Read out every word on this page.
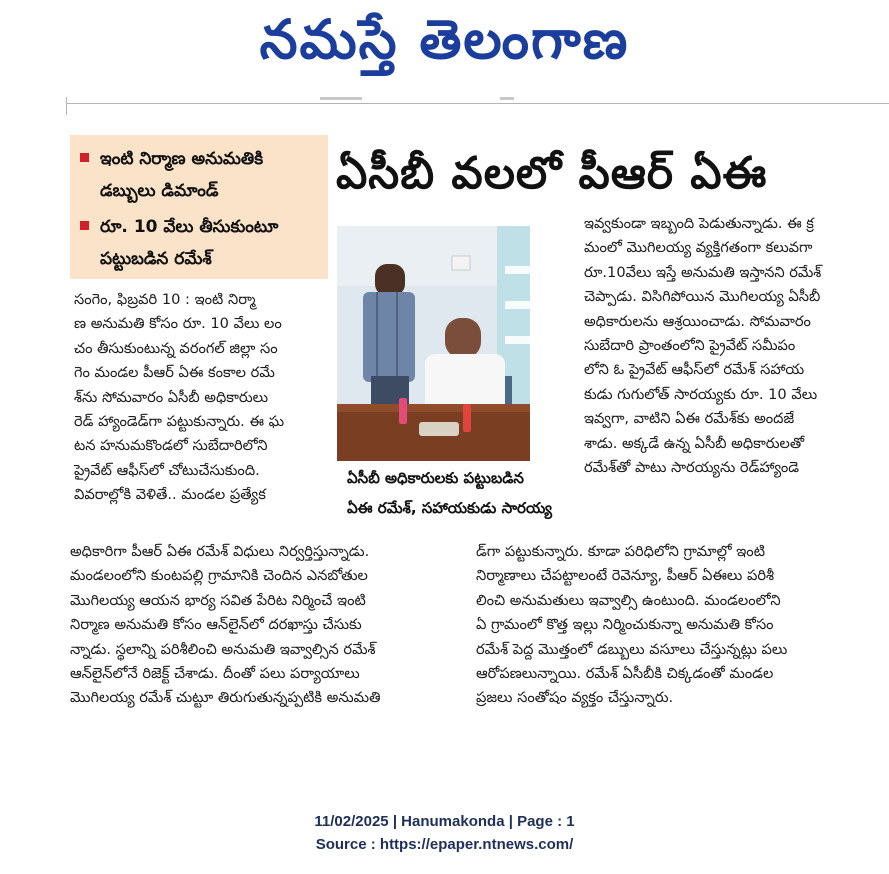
నమస్తే తెలంగాణ
ఇంటి నిర్మాణ అనుమతికి
డబ్బులు డిమాండ్
రూ. 10 వేలు తీసుకుంటూ
పట్టుబడిన రమేశ్
ఏసీబీ వలలో పీఆర్ ఏఈ
ఏసీబీ అధికారులకు పట్టుబడిన
ఏఈ రమేశ్, సహాయకుడు సారయ్య

సంగెం, ఫిబ్రవరి 10 : ఇంటి నిర్మా

ణ అనుమతి కోసం రూ. 10 వేలు లం

చం తీసుకుంటున్న వరంగల్ జిల్లా సం

గెం మండల పీఆర్ ఏఈ కంకాల రమే

శ్‌ను సోమవారం ఏసీబీ అధికారులు

రెడ్ హ్యాండెడ్‌గా పట్టుకున్నారు. ఈ ఘ

టన హనుమకొండలో సుబేదారిలోని

ప్రైవేట్ ఆఫీస్‌లో చోటుచేసుకుంది.

వివరాల్లోకి వెళితే.. మండల ప్రత్యేక

అధికారిగా పీఆర్ ఏఈ రమేశ్ విధులు నిర్వర్తిస్తున్నాడు.

మండలంలోని కుంటపల్లి గ్రామానికి చెందిన ఎనబోతుల

మొగిలయ్య ఆయన భార్య సవిత పేరిట నిర్మించే ఇంటి

నిర్మాణ అనుమతి కోసం ఆన్‌లైన్‌లో దరఖాస్తు చేసుకు

న్నాడు. స్థలాన్ని పరిశీలించి అనుమతి ఇవ్వాల్సిన రమేశ్

ఆన్‌లైన్‌లోనే రిజెక్ట్ చేశాడు. దీంతో పలు పర్యాయాలు

మొగిలయ్య రమేశ్ చుట్టూ తిరుగుతున్నప్పటికి అనుమతి

ఇవ్వకుండా ఇబ్బంది పెడుతున్నాడు. ఈ క్ర

మంలో మొగిలయ్య వ్యక్తిగతంగా కలువగా

రూ.10వేలు ఇస్తే అనుమతి ఇస్తానని రమేశ్

చెప్పాడు. విసిగిపోయిన మొగిలయ్య ఏసీబీ

అధికారులను ఆశ్రయించాడు. సోమవారం

సుబేదారి ప్రాంతంలోని ప్రైవేట్ సమీపం

లోని ఓ ప్రైవేట్ ఆఫీస్‌లో రమేశ్ సహాయ

కుడు గుగులోత్ సారయ్యకు రూ. 10 వేలు

ఇవ్వగా, వాటిని ఏఈ రమేశ్‌కు అందజే

శాడు. అక్కడే ఉన్న ఏసీబీ అధికారులతో

రమేశ్‌తో పాటు సారయ్యను రెడ్‌హ్యాండె

డ్‌గా పట్టుకున్నారు. కూడా పరిధిలోని గ్రామాల్లో ఇంటి

నిర్మాణాలు చేపట్టాలంటే రెవెన్యూ, పీఆర్ ఏఈలు పరిశీ

లించి అనుమతులు ఇవ్వాల్సి ఉంటుంది. మండలంలోని

ఏ గ్రామంలో కొత్త ఇల్లు నిర్మించుకున్నా అనుమతి కోసం

రమేశ్ పెద్ద మొత్తంలో డబ్బులు వసూలు చేస్తున్నట్లు పలు

ఆరోపణలున్నాయి. రమేశ్ ఏసీబీకి చిక్కడంతో మండల

ప్రజలు సంతోషం వ్యక్తం చేస్తున్నారు.

11/02/2025 | Hanumakonda | Page : 1
Source : https://epaper.ntnews.com/
